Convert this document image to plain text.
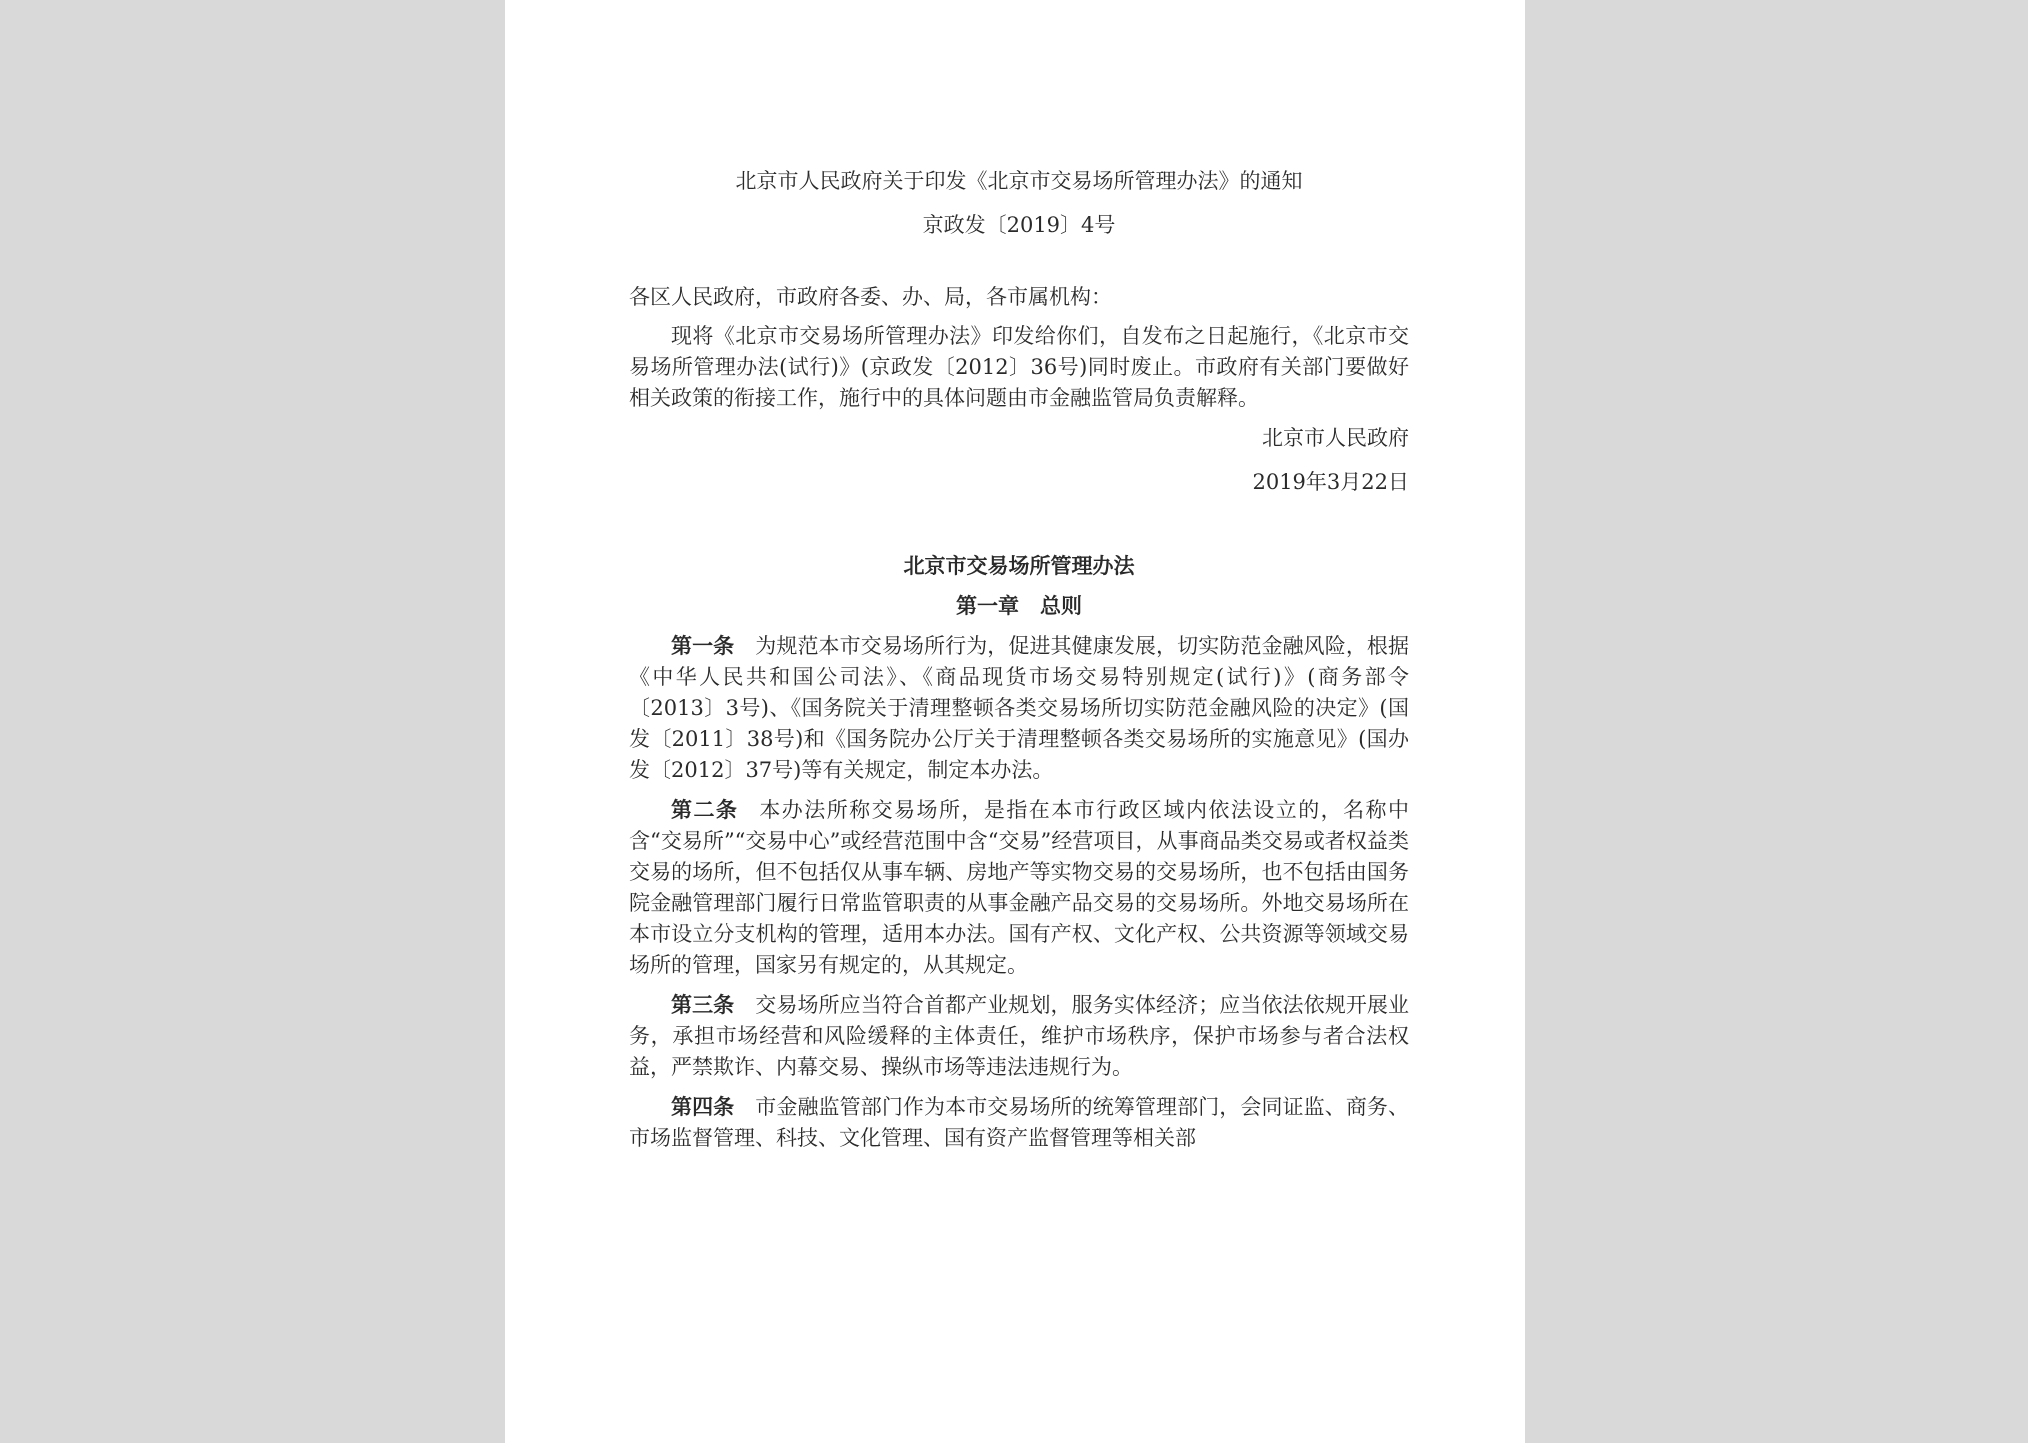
北京市人民政府关于印发《北京市交易场所管理办法》的通知

京政发〔2019〕4号

各区人民政府，市政府各委、办、局，各市属机构：

现将《北京市交易场所管理办法》印发给你们，自发布之日起施行，《北京市交易场所管理办法(试行)》(京政发〔2012〕36号)同时废止。市政府有关部门要做好相关政策的衔接工作，施行中的具体问题由市金融监管局负责解释。

北京市人民政府

2019年3月22日

北京市交易场所管理办法
第一章　总则

第一条 为规范本市交易场所行为，促进其健康发展，切实防范金融风险，根据《中华人民共和国公司法》、《商品现货市场交易特别规定(试行)》(商务部令〔2013〕3号)、《国务院关于清理整顿各类交易场所切实防范金融风险的决定》(国发〔2011〕38号)和《国务院办公厅关于清理整顿各类交易场所的实施意见》(国办发〔2012〕37号)等有关规定，制定本办法。

第二条 本办法所称交易场所，是指在本市行政区域内依法设立的，名称中含“交易所”“交易中心”或经营范围中含“交易”经营项目，从事商品类交易或者权益类交易的场所，但不包括仅从事车辆、房地产等实物交易的交易场所，也不包括由国务院金融管理部门履行日常监管职责的从事金融产品交易的交易场所。外地交易场所在本市设立分支机构的管理，适用本办法。国有产权、文化产权、公共资源等领域交易场所的管理，国家另有规定的，从其规定。

第三条 交易场所应当符合首都产业规划，服务实体经济；应当依法依规开展业务，承担市场经营和风险缓释的主体责任，维护市场秩序，保护市场参与者合法权益，严禁欺诈、内幕交易、操纵市场等违法违规行为。

第四条 市金融监管部门作为本市交易场所的统筹管理部门，会同证监、商务、市场监督管理、科技、文化管理、国有资产监督管理等相关部
